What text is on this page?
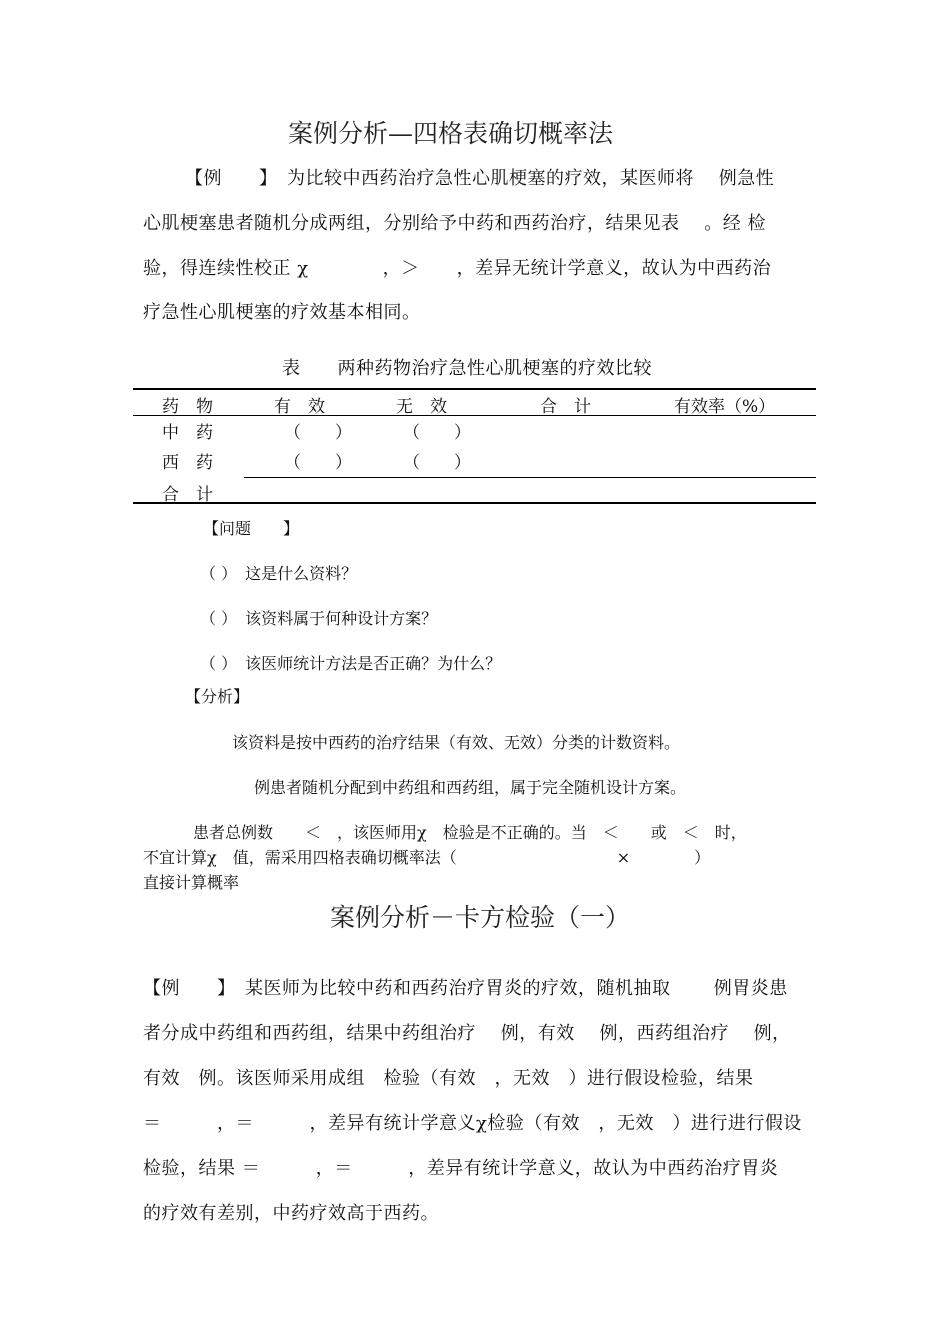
案例分析—四格表确切概率法
【例　　】　为比较中西药治疗急性心肌梗塞的疗效，某医师将　 例急性
心肌梗塞患者随机分成两组，分别给予中药和西药治疗，结果见表　 。经 检
验，得连续性校正 χ　　　　，＞　　，差异无统计学意义，故认为中西药治
疗急性心肌梗塞的疗效基本相同。
表　　两种药物治疗急性心肌梗塞的疗效比较
药　物	有　效	无　效	合　计	有效率（%）
中　药	（　　）	（　　）
西　药	（　　）	（　　）
合　计
【问题　　】
（ ）　这是什么资料？
（ ）　该资料属于何种设计方案？
（ ）　该医师统计方法是否正确？为什么？
【分析】
该资料是按中西药的治疗结果（有效、无效）分类的计数资料。
例患者随机分配到中药组和西药组，属于完全随机设计方案。
患者总例数　　＜　，该医师用χ　检验是不正确的。当　＜　　或　＜　时，
不宜计算χ　值，需采用四格表确切概率法（　　　　　　　　　　×　　　　）
直接计算概率
案例分析－卡方检验（一）
【例　　】　某医师为比较中药和西药治疗胃炎的疗效，随机抽取　　 例胃炎患
者分成中药组和西药组，结果中药组治疗　 例，有效　 例，西药组治疗　 例，
有效　例。该医师采用成组　检验（有效　，无效　）进行假设检验，结果
＝　　　，＝　　　，差异有统计学意义χ检验（有效　，无效　）进行进行假设
检验，结果 ＝　　　，＝　　　，差异有统计学意义，故认为中西药治疗胃炎
的疗效有差别，中药疗效高于西药。
